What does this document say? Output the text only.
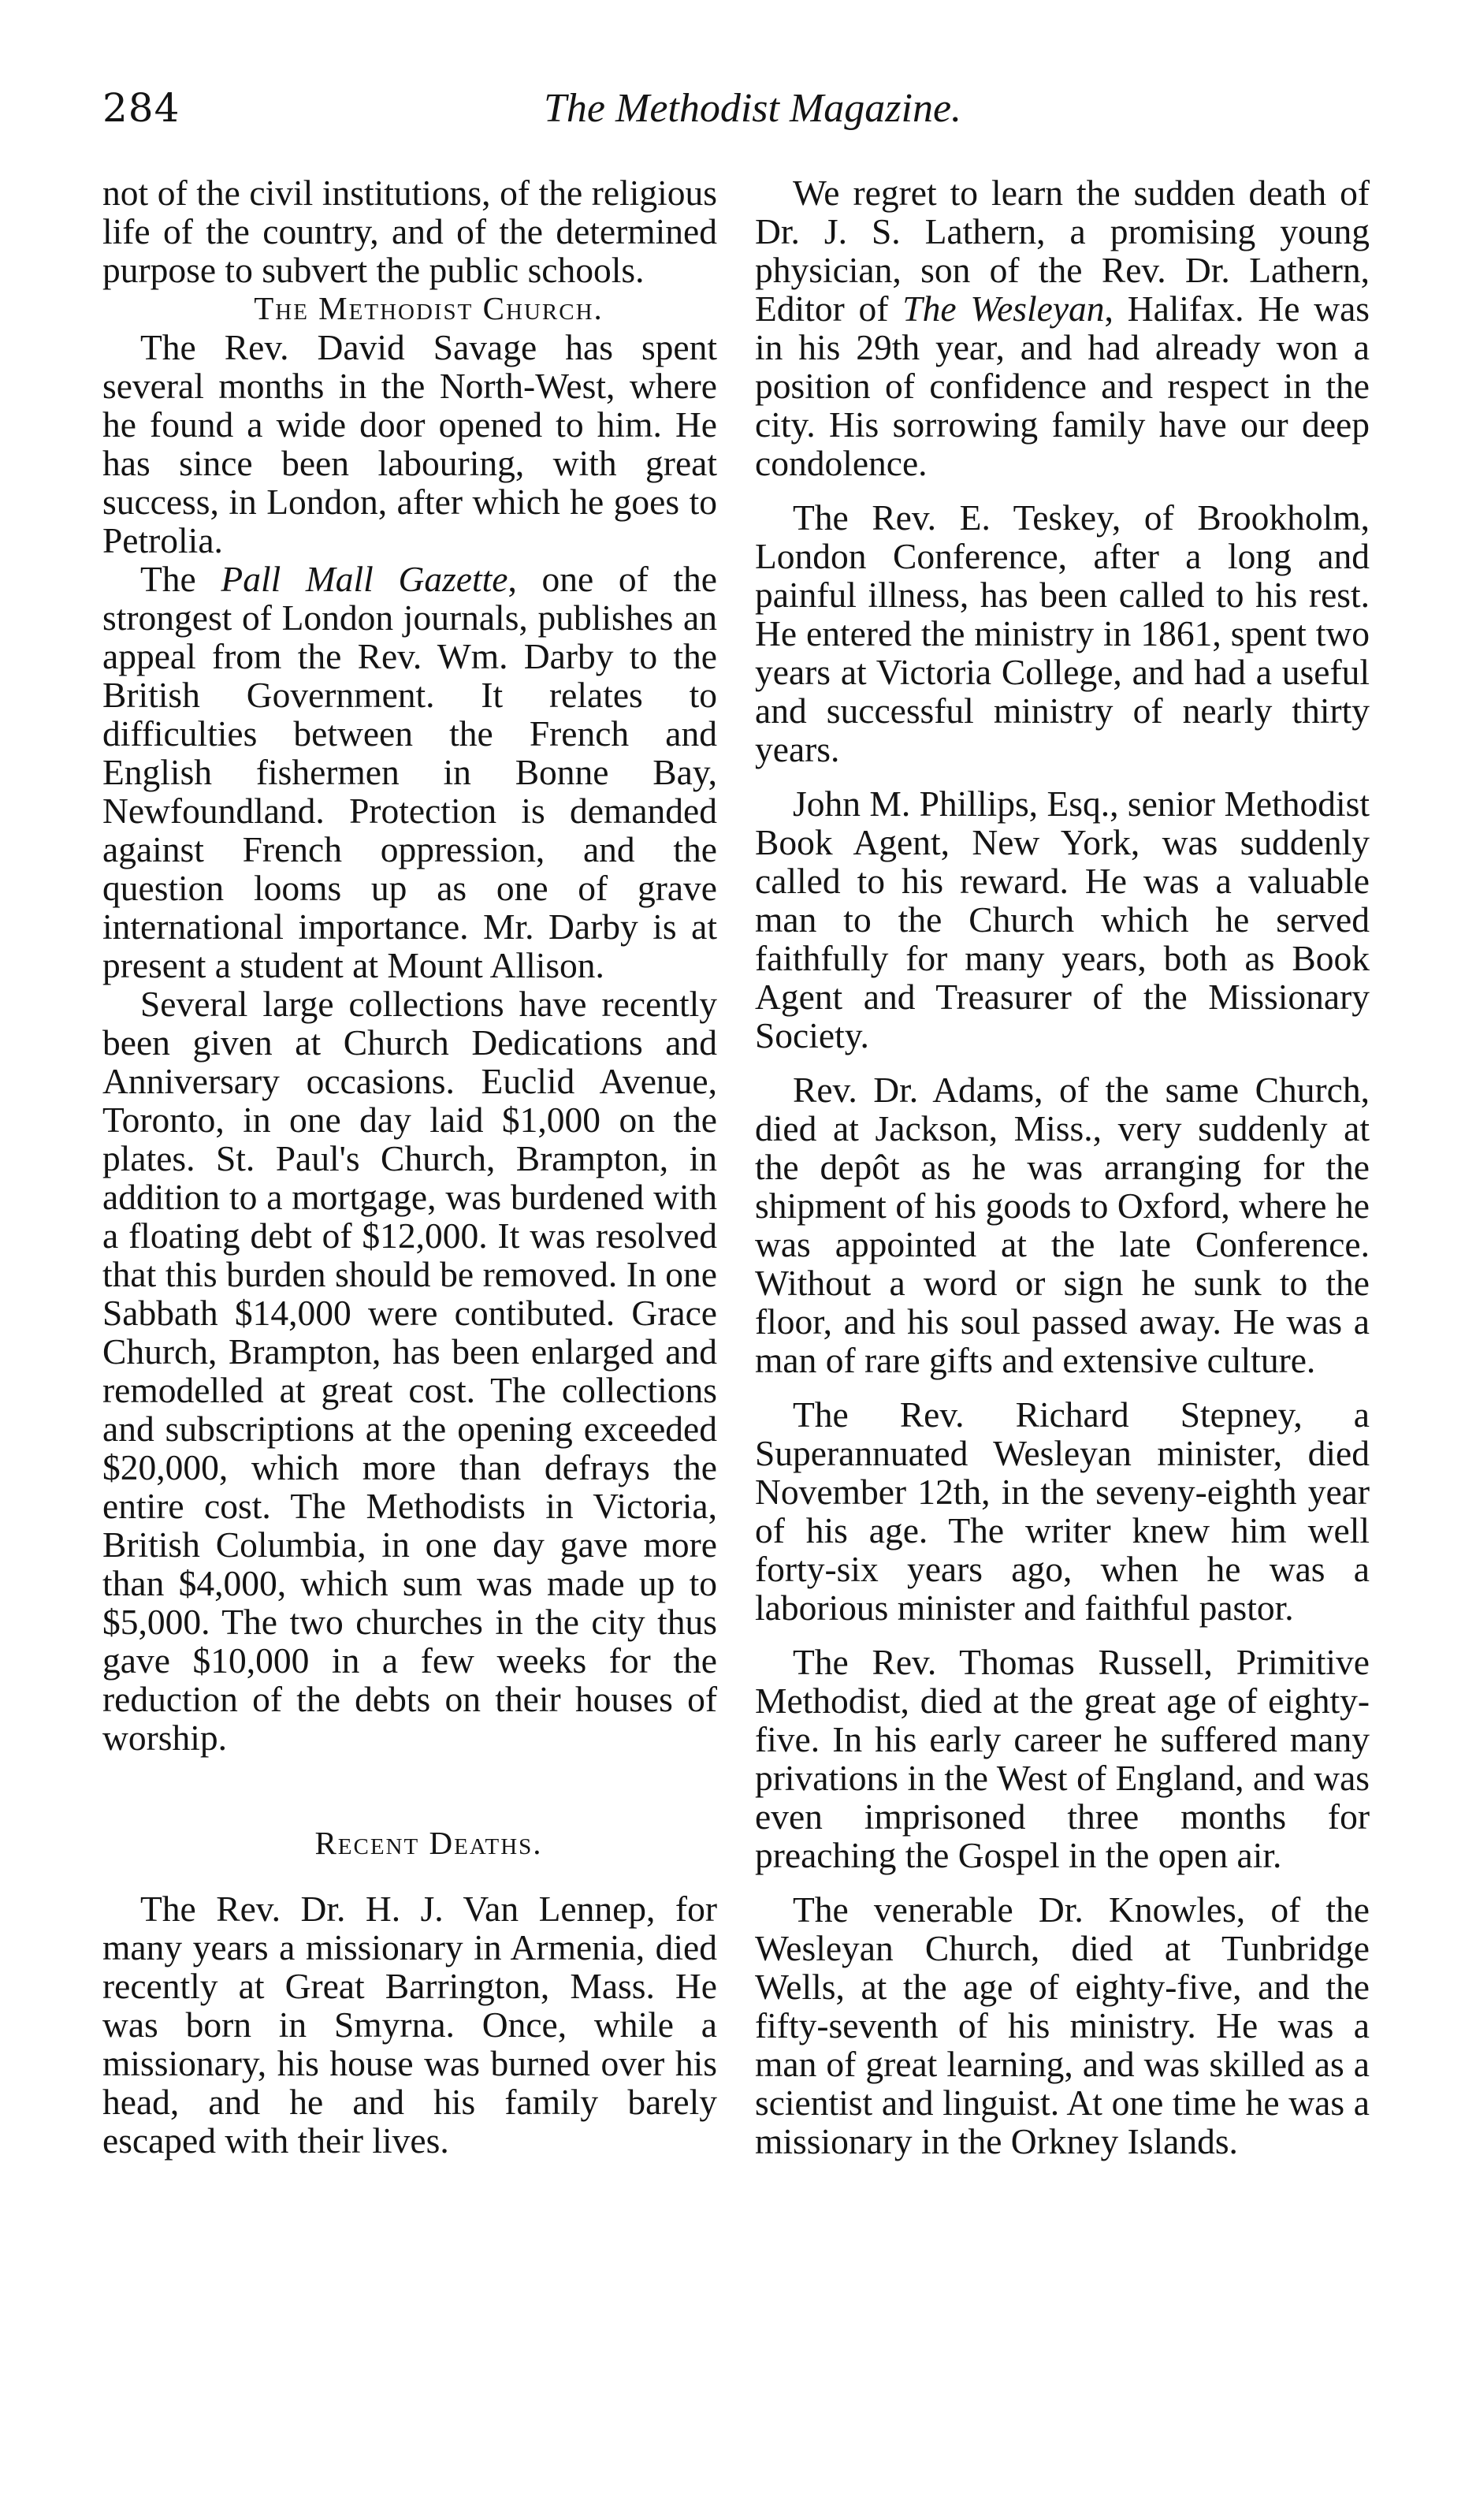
284	The Methodist Magazine.

not of the civil institutions, of the religious life of the country, and of the determined purpose to subvert the public schools.

The Methodist Church.

The Rev. David Savage has spent several months in the North-West, where he found a wide door opened to him. He has since been labouring, with great success, in London, after which he goes to Petrolia.

The Pall Mall Gazette, one of the strongest of London journals, publishes an appeal from the Rev. Wm. Darby to the British Government. It relates to difficulties between the French and English fishermen in Bonne Bay, Newfoundland. Protection is demanded against French oppression, and the question looms up as one of grave international importance. Mr. Darby is at present a student at Mount Allison.

Several large collections have recently been given at Church Dedications and Anniversary occasions. Euclid Avenue, Toronto, in one day laid $1,000 on the plates. St. Paul's Church, Brampton, in addition to a mortgage, was burdened with a floating debt of $12,000. It was resolved that this burden should be removed. In one Sabbath $14,000 were contibuted. Grace Church, Brampton, has been enlarged and remodelled at great cost. The collections and subscriptions at the opening exceeded $20,000, which more than defrays the entire cost. The Methodists in Victoria, British Columbia, in one day gave more than $4,000, which sum was made up to $5,000. The two churches in the city thus gave $10,000 in a few weeks for the reduction of the debts on their houses of worship.

Recent Deaths.

The Rev. Dr. H. J. Van Lennep, for many years a missionary in Armenia, died recently at Great Barrington, Mass. He was born in Smyrna. Once, while a missionary, his house was burned over his head, and he and his family barely escaped with their lives.

We regret to learn the sudden death of Dr. J. S. Lathern, a promising young physician, son of the Rev. Dr. Lathern, Editor of The Wesleyan, Halifax. He was in his 29th year, and had already won a position of confidence and respect in the city. His sorrowing family have our deep condolence.

The Rev. E. Teskey, of Brookholm, London Conference, after a long and painful illness, has been called to his rest. He entered the ministry in 1861, spent two years at Victoria College, and had a useful and successful ministry of nearly thirty years.

John M. Phillips, Esq., senior Methodist Book Agent, New York, was suddenly called to his reward. He was a valuable man to the Church which he served faithfully for many years, both as Book Agent and Treasurer of the Missionary Society.

Rev. Dr. Adams, of the same Church, died at Jackson, Miss., very suddenly at the depôt as he was arranging for the shipment of his goods to Oxford, where he was appointed at the late Conference. Without a word or sign he sunk to the floor, and his soul passed away. He was a man of rare gifts and extensive culture.

The Rev. Richard Stepney, a Superannuated Wesleyan minister, died November 12th, in the seveny-eighth year of his age. The writer knew him well forty-six years ago, when he was a laborious minister and faithful pastor.

The Rev. Thomas Russell, Primitive Methodist, died at the great age of eighty-five. In his early career he suffered many privations in the West of England, and was even imprisoned three months for preaching the Gospel in the open air.

The venerable Dr. Knowles, of the Wesleyan Church, died at Tunbridge Wells, at the age of eighty-five, and the fifty-seventh of his ministry. He was a man of great learning, and was skilled as a scientist and linguist. At one time he was a missionary in the Orkney Islands.
